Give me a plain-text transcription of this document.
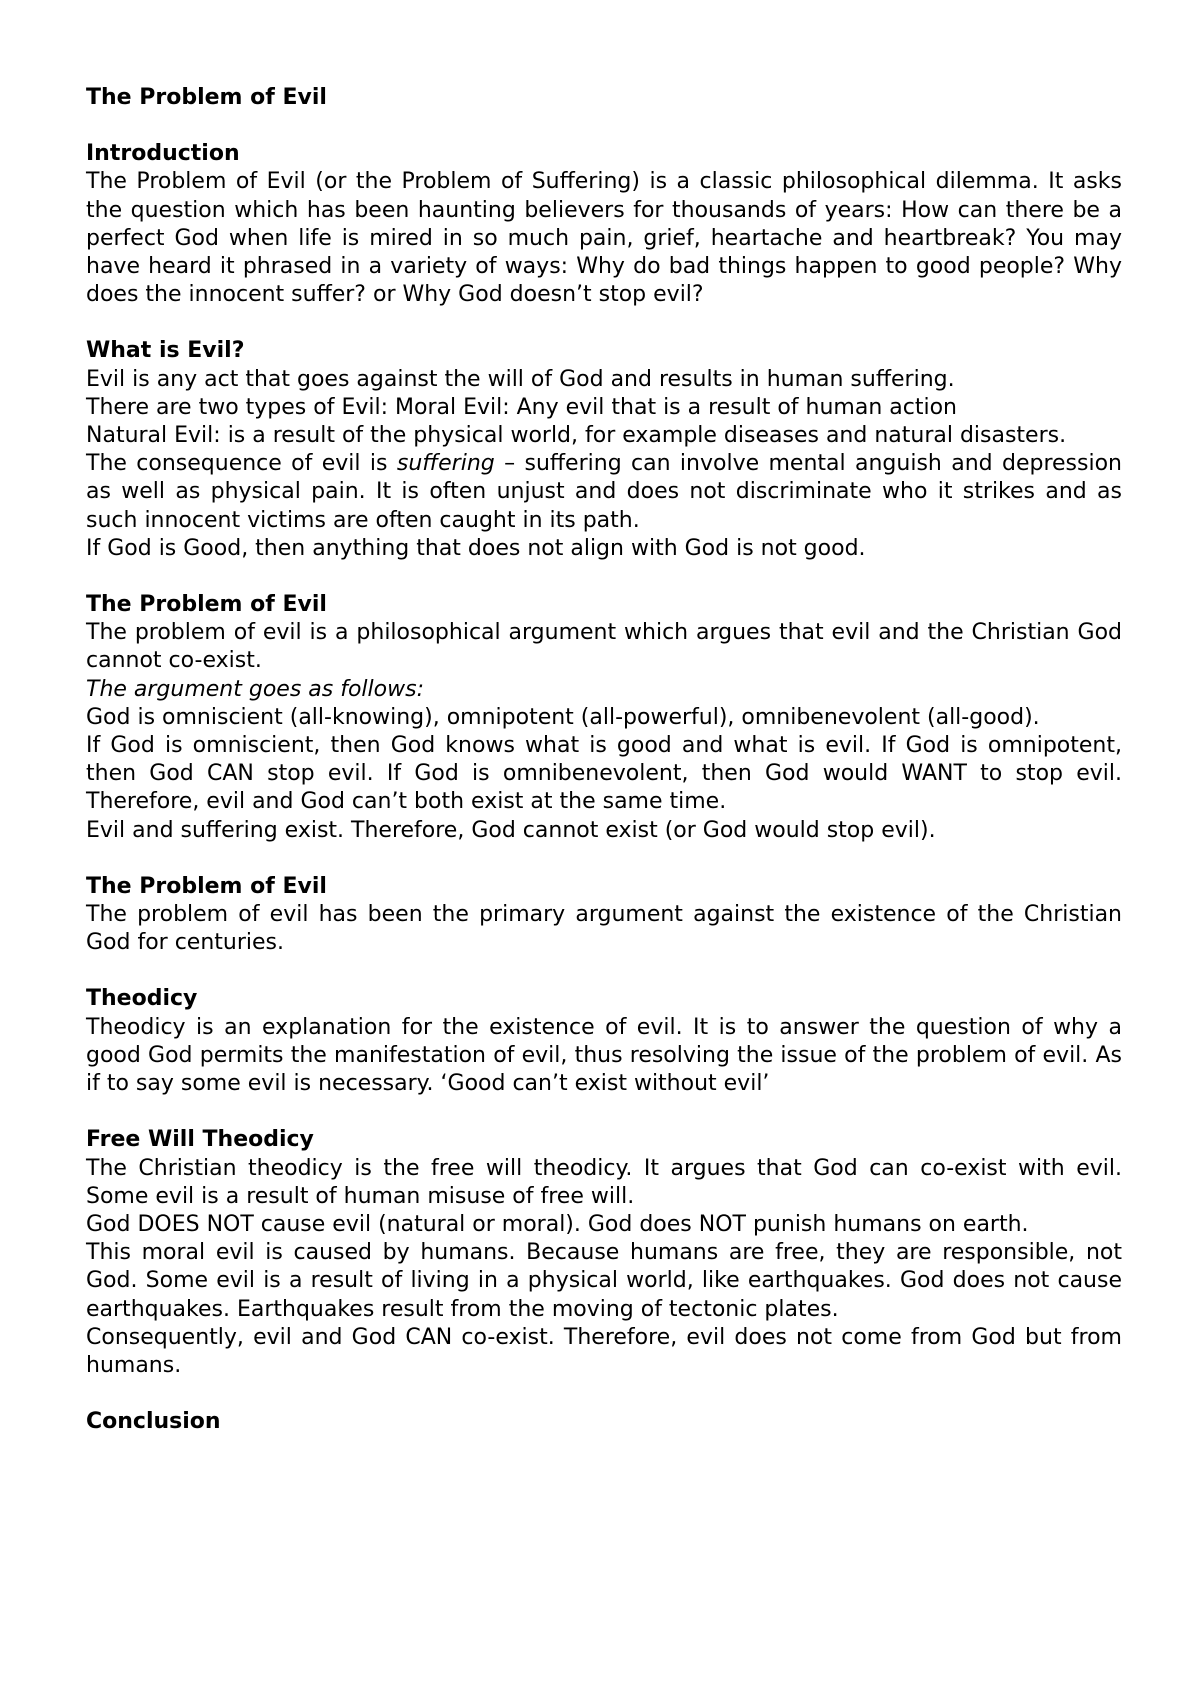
The Problem of Evil
Introduction

The Problem of Evil (or the Problem of Suffering) is a classic philosophical dilemma. It asks the question which has been haunting believers for thousands of years: How can there be a perfect God when life is mired in so much pain, grief, heartache and heartbreak? You may have heard it phrased in a variety of ways: Why do bad things happen to good people? Why does the innocent suffer? or Why God doesn’t stop evil?

What is Evil?

Evil is any act that goes against the will of God and results in human suffering.

There are two types of Evil: Moral Evil: Any evil that is a result of human action

Natural Evil: is a result of the physical world, for example diseases and natural disasters.

The consequence of evil is suffering – suffering can involve mental anguish and depression as well as physical pain. It is often unjust and does not discriminate who it strikes and as such innocent victims are often caught in its path.

If God is Good, then anything that does not align with God is not good.

The Problem of Evil

The problem of evil is a philosophical argument which argues that evil and the Christian God cannot co-exist.

The argument goes as follows:

God is omniscient (all-knowing), omnipotent (all-powerful), omnibenevolent (all-good).

If God is omniscient, then God knows what is good and what is evil. If God is omnipotent, then God CAN stop evil. If God is omnibenevolent, then God would WANT to stop evil. Therefore, evil and God can’t both exist at the same time.

Evil and suffering exist. Therefore, God cannot exist (or God would stop evil).

The Problem of Evil

The problem of evil has been the primary argument against the existence of the Christian God for centuries.

Theodicy

Theodicy is an explanation for the existence of evil. It is to answer the question of why a good God permits the manifestation of evil, thus resolving the issue of the problem of evil. As if to say some evil is necessary. ‘Good can’t exist without evil’

Free Will Theodicy

The Christian theodicy is the free will theodicy. It argues that God can co-exist with evil. Some evil is a result of human misuse of free will.

God DOES NOT cause evil (natural or moral). God does NOT punish humans on earth.

This moral evil is caused by humans. Because humans are free, they are responsible, not God. Some evil is a result of living in a physical world, like earthquakes. God does not cause earthquakes. Earthquakes result from the moving of tectonic plates.

Consequently, evil and God CAN co-exist. Therefore, evil does not come from God but from humans.

Conclusion
